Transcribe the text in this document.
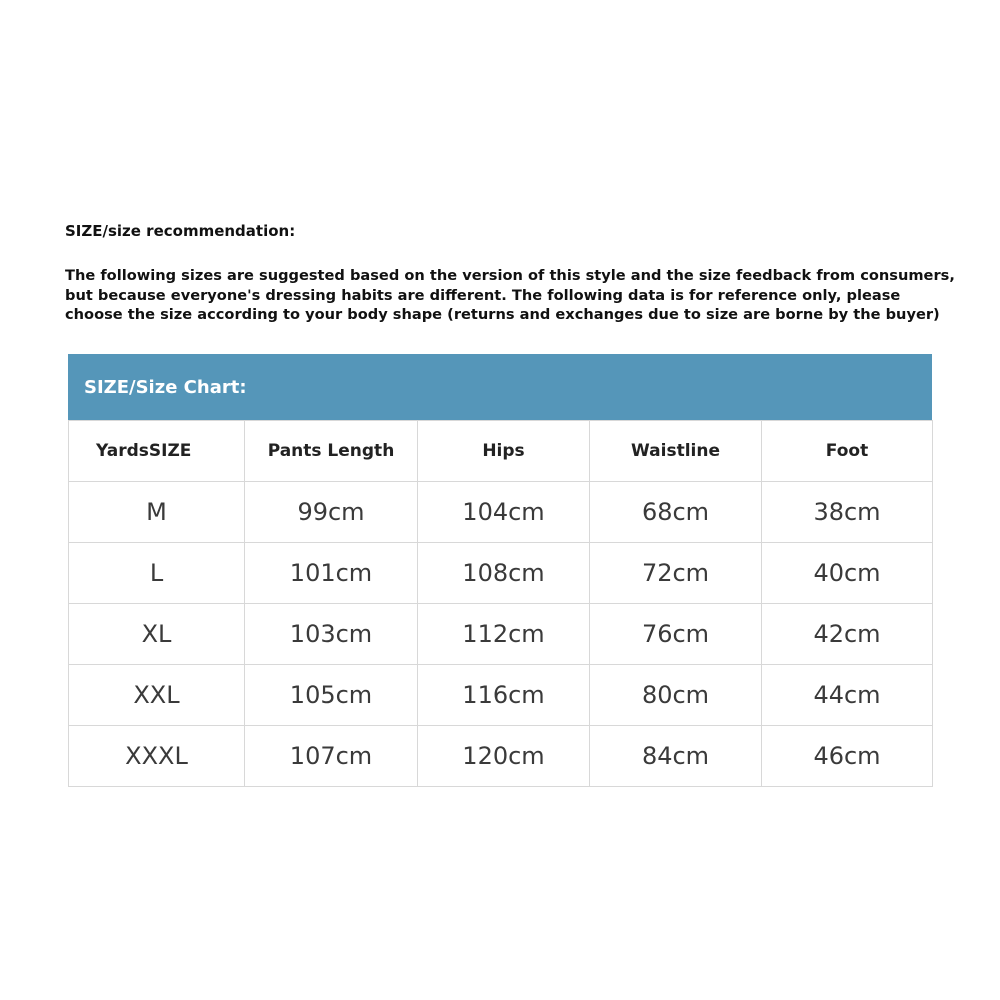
SIZE/size recommendation:
The following sizes are suggested based on the version of this style and the size feedback from consumers,
but because everyone's dressing habits are different. The following data is for reference only, please
choose the size according to your body shape (returns and exchanges due to size are borne by the buyer)
SIZE/Size Chart:
YardsSIZE	Pants Length	Hips	Waistline	Foot
M	99cm	104cm	68cm	38cm
L	101cm	108cm	72cm	40cm
XL	103cm	112cm	76cm	42cm
XXL	105cm	116cm	80cm	44cm
XXXL	107cm	120cm	84cm	46cm
